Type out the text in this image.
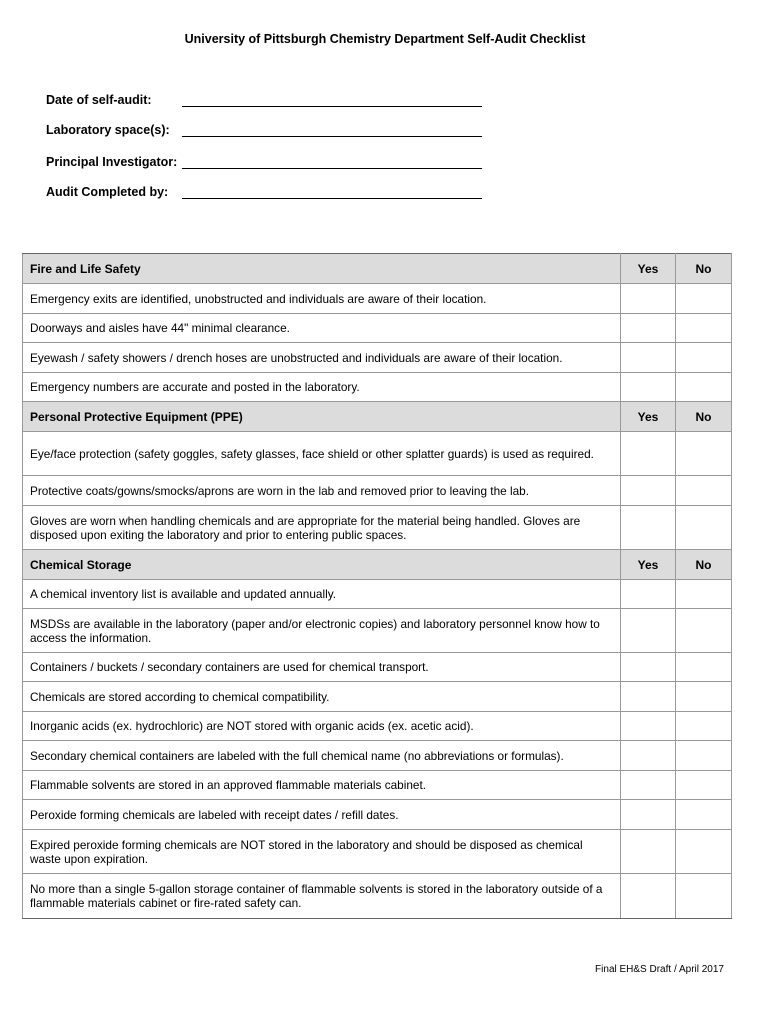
University of Pittsburgh Chemistry Department Self-Audit Checklist
Date of self-audit:
Laboratory space(s):
Principal Investigator:
Audit Completed by:
Fire and Life Safety	Yes	No
Emergency exits are identified, unobstructed and individuals are aware of their location.		
Doorways and aisles have 44" minimal clearance.		
Eyewash / safety showers / drench hoses are unobstructed and individuals are aware of their location.		
Emergency numbers are accurate and posted in the laboratory.		
Personal Protective Equipment (PPE)	Yes	No
Eye/face protection (safety goggles, safety glasses, face shield or other splatter guards) is used as required.		
Protective coats/gowns/smocks/aprons are worn in the lab and removed prior to leaving the lab.		
Gloves are worn when handling chemicals and are appropriate for the material being handled. Gloves are disposed upon exiting the laboratory and prior to entering public spaces.		
Chemical Storage	Yes	No
A chemical inventory list is available and updated annually.		
MSDSs are available in the laboratory (paper and/or electronic copies) and laboratory personnel know how to access the information.		
Containers / buckets / secondary containers are used for chemical transport.		
Chemicals are stored according to chemical compatibility.		
Inorganic acids (ex. hydrochloric) are NOT stored with organic acids (ex. acetic acid).		
Secondary chemical containers are labeled with the full chemical name (no abbreviations or formulas).		
Flammable solvents are stored in an approved flammable materials cabinet.		
Peroxide forming chemicals are labeled with receipt dates / refill dates.		
Expired peroxide forming chemicals are NOT stored in the laboratory and should be disposed as chemical waste upon expiration.		
No more than a single 5-gallon storage container of flammable solvents is stored in the laboratory outside of a flammable materials cabinet or fire-rated safety can.		
Final EH&S Draft / April 2017
